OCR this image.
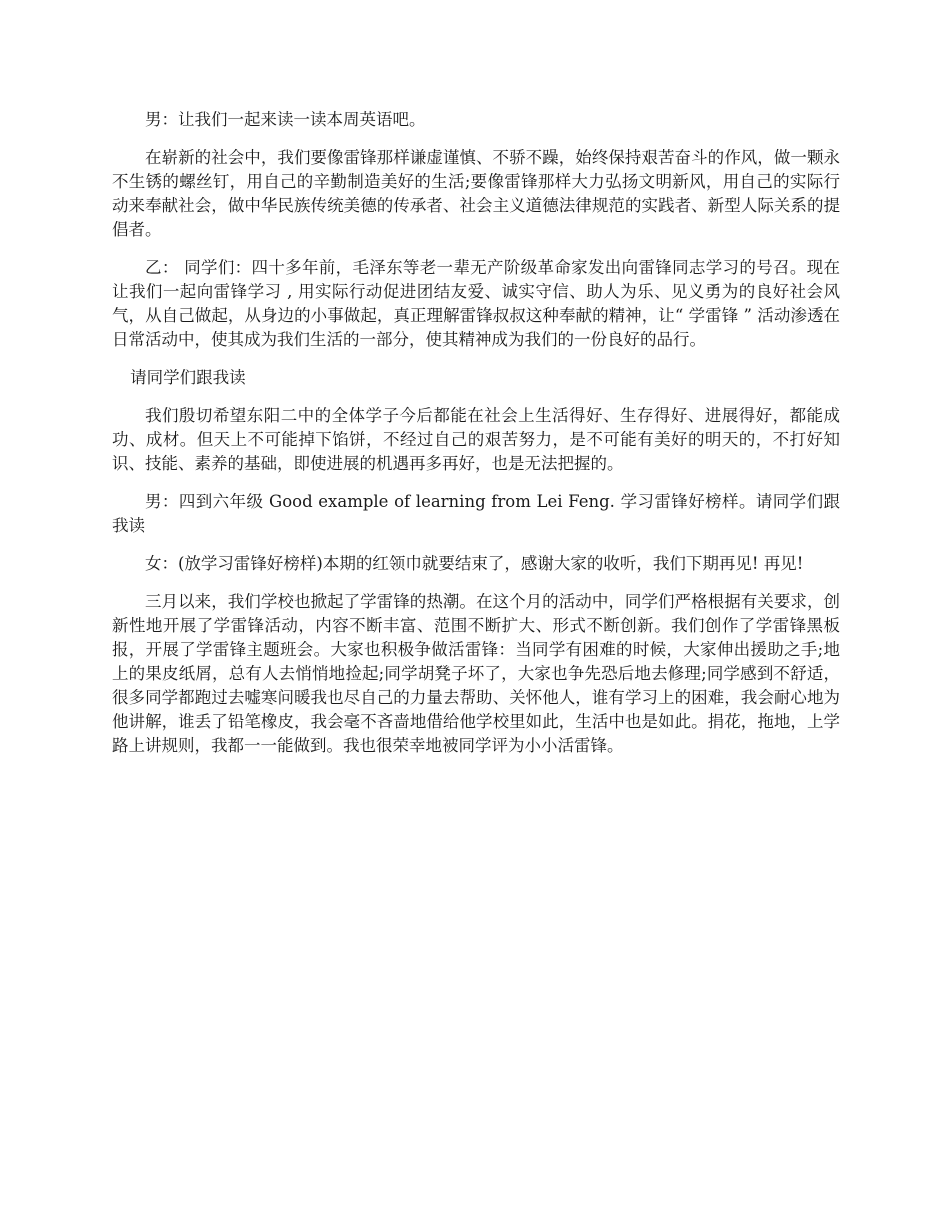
男：让我们一起来读一读本周英语吧。

在崭新的社会中，我们要像雷锋那样谦虚谨慎、不骄不躁，始终保持艰苦奋斗的作风，做一颗永不生锈的螺丝钉，用自己的辛勤制造美好的生活;要像雷锋那样大力弘扬文明新风，用自己的实际行动来奉献社会，做中华民族传统美德的传承者、社会主义道德法律规范的实践者、新型人际关系的提倡者。

乙： 同学们：四十多年前，毛泽东等老一辈无产阶级革命家发出向雷锋同志学习的号召。现在让我们一起向雷锋学习 , 用实际行动促进团结友爱、诚实守信、助人为乐、见义勇为的良好社会风气，从自己做起，从身边的小事做起，真正理解雷锋叔叔这种奉献的精神，让“ 学雷锋 ” 活动渗透在日常活动中，使其成为我们生活的一部分，使其精神成为我们的一份良好的品行。

请同学们跟我读

我们殷切希望东阳二中的全体学子今后都能在社会上生活得好、生存得好、进展得好，都能成功、成材。但天上不可能掉下馅饼，不经过自己的艰苦努力，是不可能有美好的明天的，不打好知识、技能、素养的基础，即使进展的机遇再多再好，也是无法把握的。

男：四到六年级 Good example of learning from Lei Feng. 学习雷锋好榜样。请同学们跟我读

女：(放学习雷锋好榜样)本期的红领巾就要结束了，感谢大家的收听，我们下期再见! 再见!

三月以来，我们学校也掀起了学雷锋的热潮。在这个月的活动中，同学们严格根据有关要求，创新性地开展了学雷锋活动，内容不断丰富、范围不断扩大、形式不断创新。我们创作了学雷锋黑板报，开展了学雷锋主题班会。大家也积极争做活雷锋：当同学有困难的时候，大家伸出援助之手;地上的果皮纸屑，总有人去悄悄地捡起;同学胡凳子坏了，大家也争先恐后地去修理;同学感到不舒适，很多同学都跑过去嘘寒问暖我也尽自己的力量去帮助、关怀他人，谁有学习上的困难，我会耐心地为他讲解，谁丢了铅笔橡皮，我会毫不吝啬地借给他学校里如此，生活中也是如此。捐花，拖地，上学路上讲规则，我都一一能做到。我也很荣幸地被同学评为小小活雷锋。
